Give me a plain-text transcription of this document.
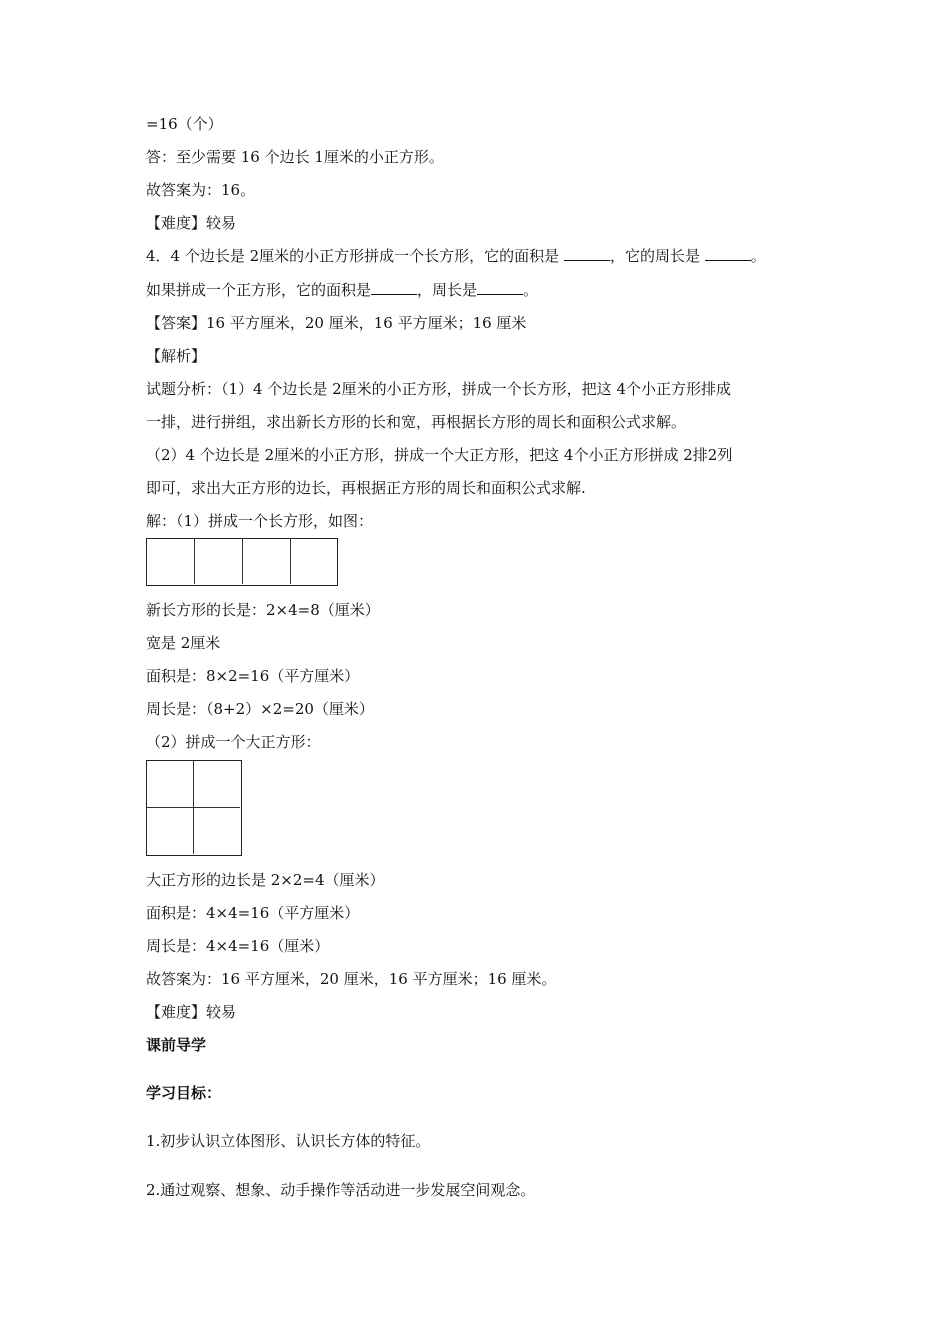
=16（个）
答：至少需要 16 个边长 1厘米的小正方形。
故答案为：16。
【难度】较易
4．4 个边长是 2厘米的小正方形拼成一个长方形，它的面积是	，它的周长是	。
如果拼成一个正方形，它的面积是	，周长是	。
【答案】16 平方厘米，20 厘米，16 平方厘米；16 厘米
【解析】
试题分析：（1）4 个边长是 2厘米的小正方形，拼成一个长方形，把这 4个小正方形排成
一排，进行拼组，求出新长方形的长和宽，再根据长方形的周长和面积公式求解。
（2）4 个边长是 2厘米的小正方形，拼成一个大正方形，把这 4个小正方形拼成 2排2列
即可，求出大正方形的边长，再根据正方形的周长和面积公式求解.
解：（1）拼成一个长方形，如图：
新长方形的长是：2×4=8（厘米）
宽是 2厘米
面积是：8×2=16（平方厘米）
周长是：（8+2）×2=20（厘米）
（2）拼成一个大正方形：
大正方形的边长是 2×2=4（厘米）
面积是：4×4=16（平方厘米）
周长是：4×4=16（厘米）
故答案为：16 平方厘米，20 厘米，16 平方厘米；16 厘米。
【难度】较易
课前导学
学习目标：
1.初步认识立体图形、认识长方体的特征。
2.通过观察、想象、动手操作等活动进一步发展空间观念。
